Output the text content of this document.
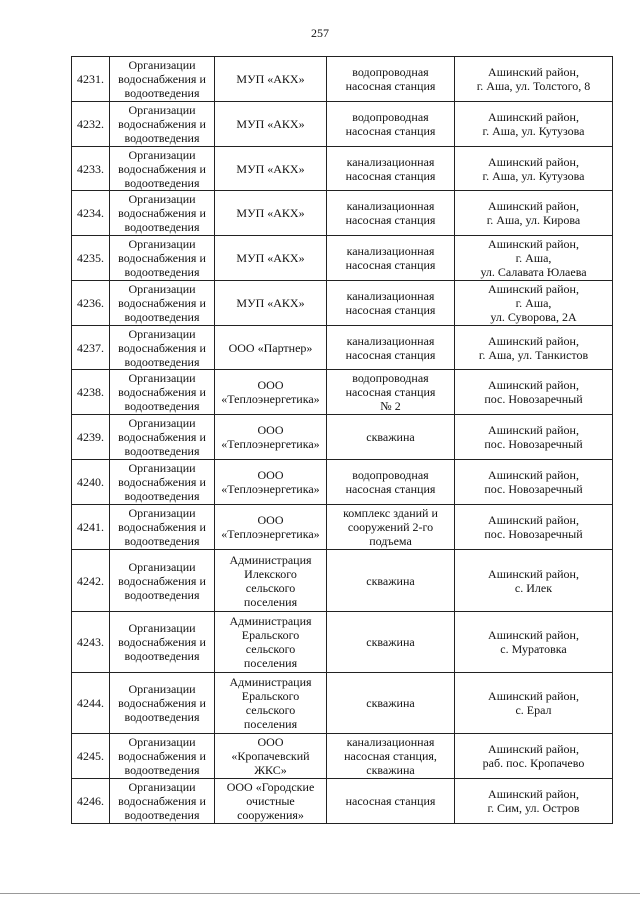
257
4231.	Организации
водоснабжения и
водоотведения	МУП «АКХ»	водопроводная
насосная станция	Ашинский район,
г. Аша, ул. Толстого, 8

4232.	Организации
водоснабжения и
водоотведения	МУП «АКХ»	водопроводная
насосная станция	Ашинский район,
г. Аша, ул. Кутузова

4233.	Организации
водоснабжения и
водоотведения	МУП «АКХ»	канализационная
насосная станция	Ашинский район,
г. Аша, ул. Кутузова

4234.	Организации
водоснабжения и
водоотведения	МУП «АКХ»	канализационная
насосная станция	Ашинский район,
г. Аша, ул. Кирова

4235.	Организации
водоснабжения и
водоотведения	МУП «АКХ»	канализационная
насосная станция	Ашинский район,
г. Аша,
ул. Салавата Юлаева

4236.	Организации
водоснабжения и
водоотведения	МУП «АКХ»	канализационная
насосная станция	Ашинский район,
г. Аша,
ул. Суворова, 2А

4237.	Организации
водоснабжения и
водоотведения	ООО «Партнер»	канализационная
насосная станция	Ашинский район,
г. Аша, ул. Танкистов

4238.	Организации
водоснабжения и
водоотведения	ООО
«Теплоэнергетика»	водопроводная
насосная станция
№ 2	Ашинский район,
пос. Новозаречный

4239.	Организации
водоснабжения и
водоотведения	ООО
«Теплоэнергетика»	скважина	Ашинский район,
пос. Новозаречный

4240.	Организации
водоснабжения и
водоотведения	ООО
«Теплоэнергетика»	водопроводная
насосная станция	Ашинский район,
пос. Новозаречный

4241.	Организации
водоснабжения и
водоотведения	ООО
«Теплоэнергетика»	комплекс зданий и
сооружений 2-го
подъема	Ашинский район,
пос. Новозаречный

4242.	Организации
водоснабжения и
водоотведения	Администрация
Илекского
сельского
поселения	скважина	Ашинский район,
с. Илек

4243.	Организации
водоснабжения и
водоотведения	Администрация
Еральского
сельского
поселения	скважина	Ашинский район,
с. Муратовка

4244.	Организации
водоснабжения и
водоотведения	Администрация
Еральского
сельского
поселения	скважина	Ашинский район,
с. Ерал

4245.	Организации
водоснабжения и
водоотведения	ООО
«Кропачевский
ЖКС»	канализационная
насосная станция,
скважина	Ашинский район,
раб. пос. Кропачево

4246.	Организации
водоснабжения и
водоотведения	ООО «Городские
очистные
сооружения»	насосная станция	Ашинский район,
г. Сим, ул. Остров
